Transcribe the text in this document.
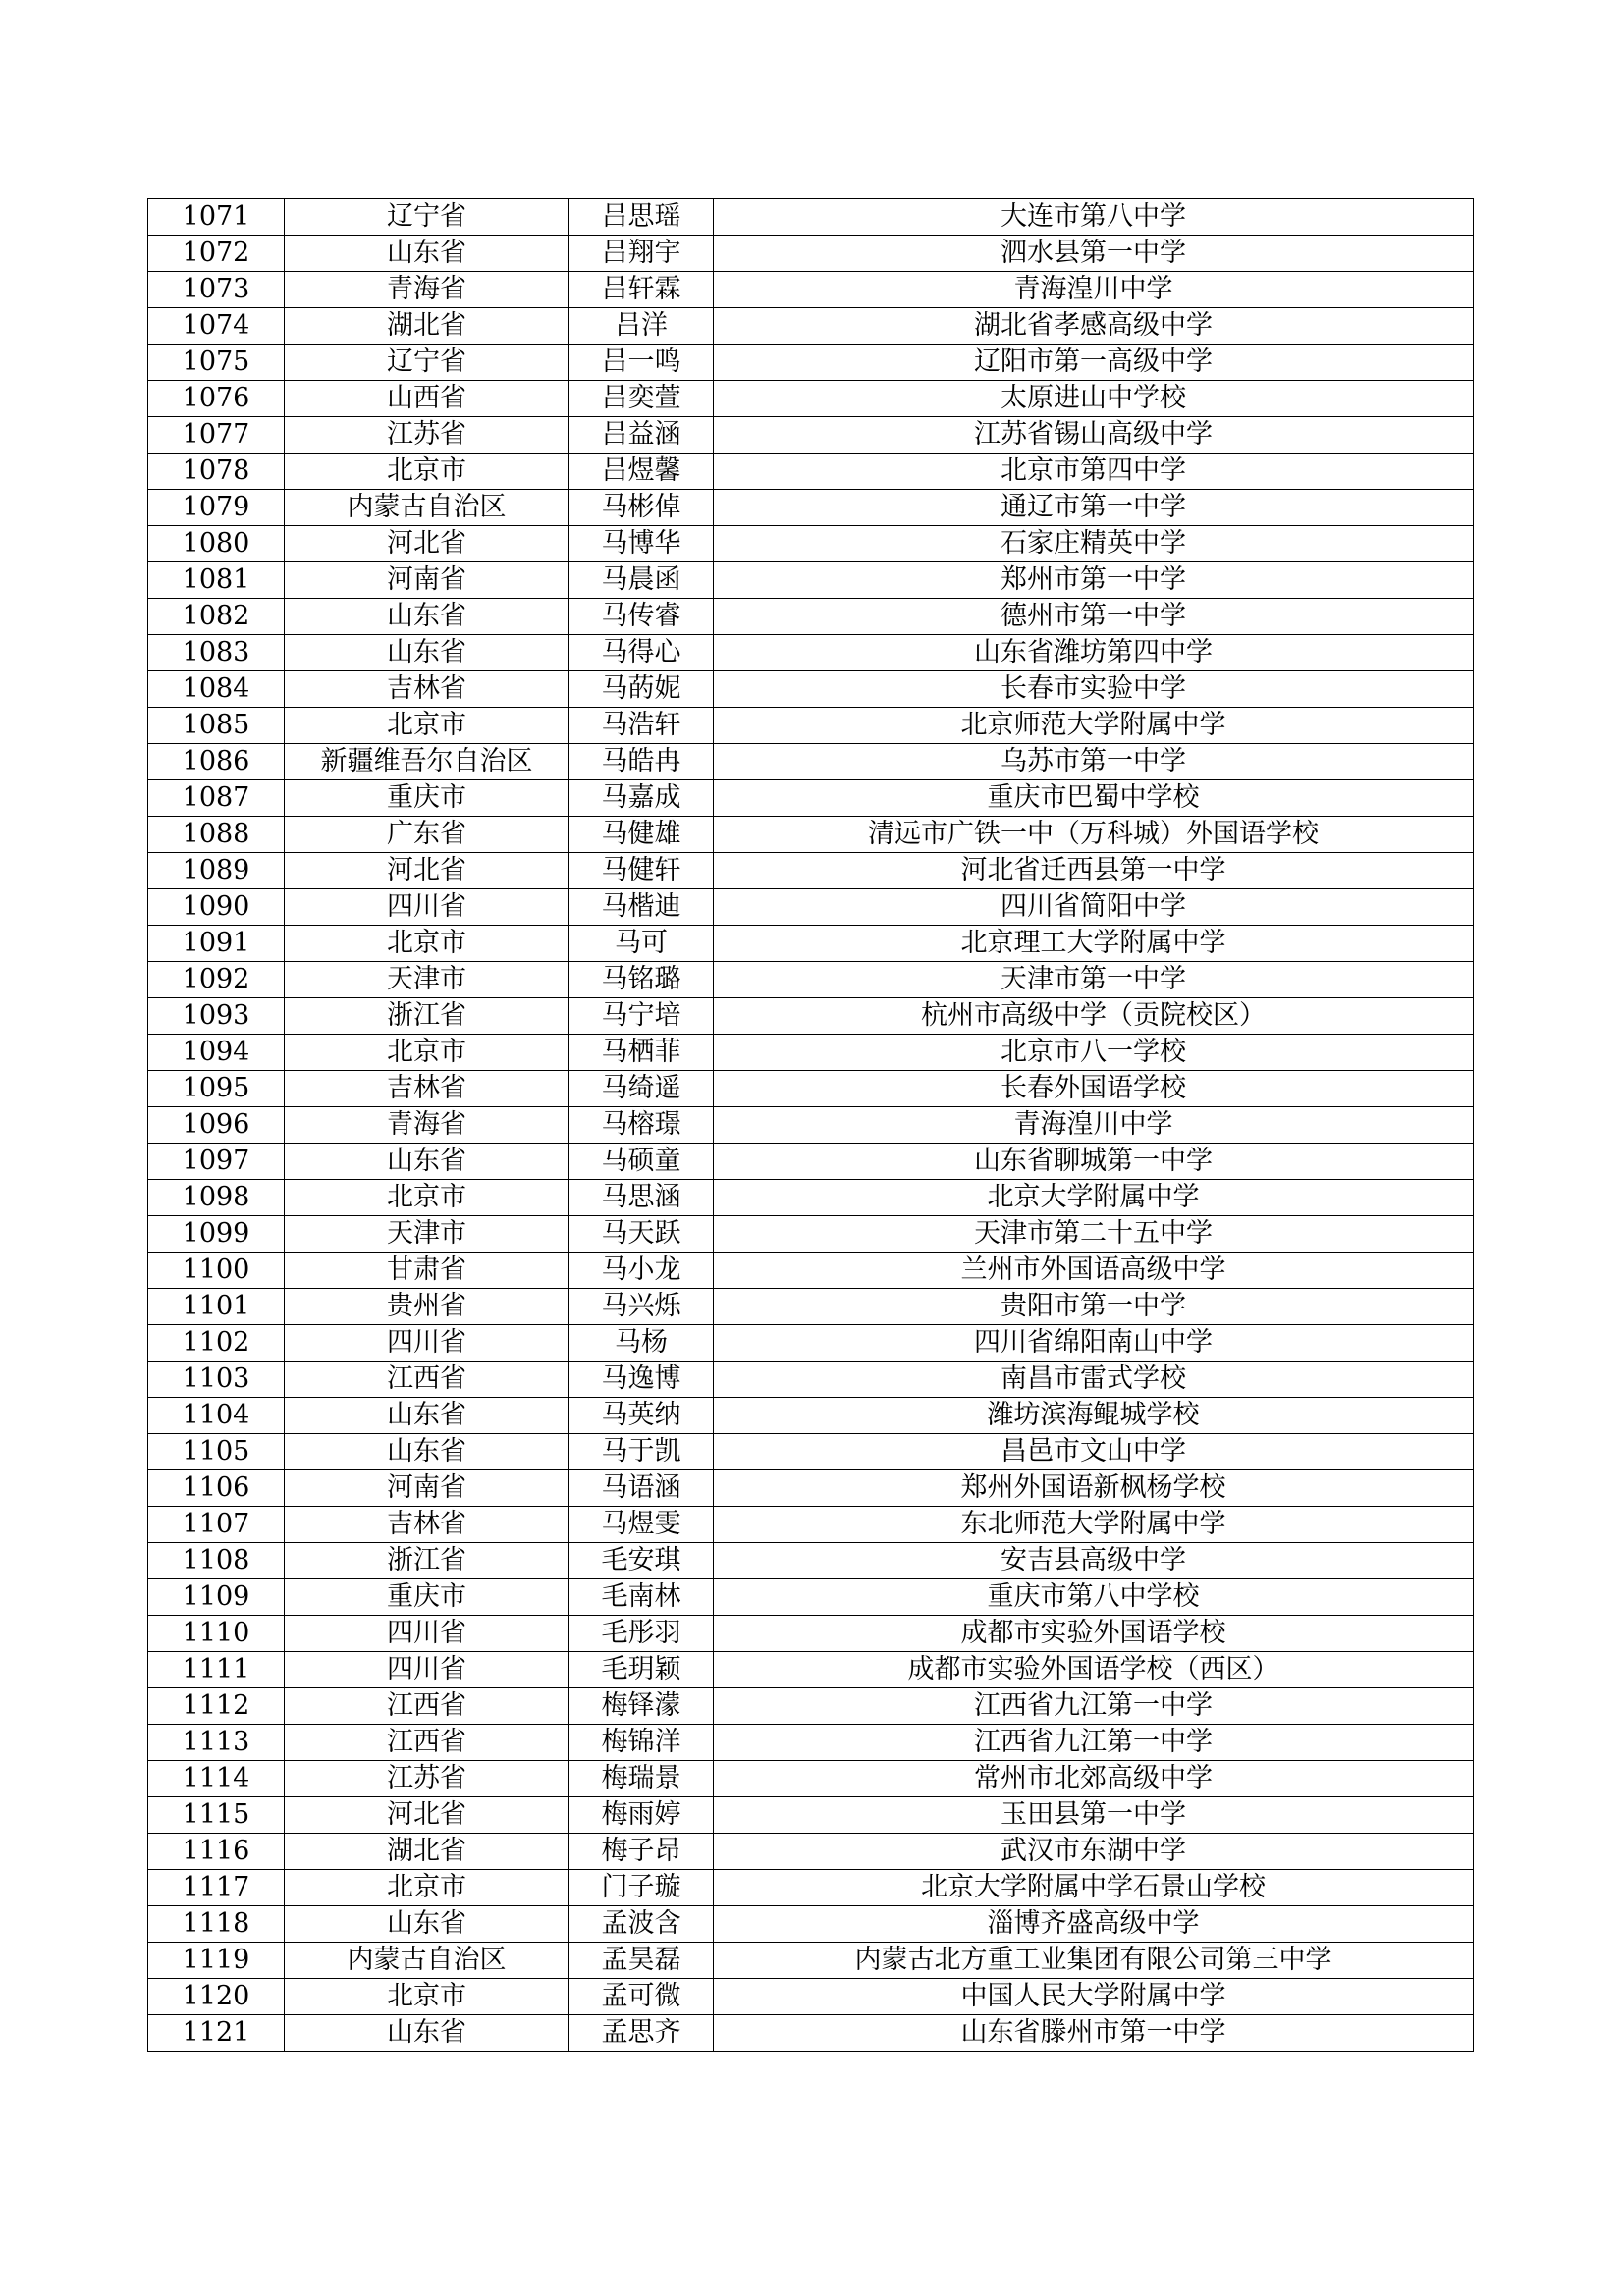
1071	辽宁省	吕思瑶	大连市第八中学
1072	山东省	吕翔宇	泗水县第一中学
1073	青海省	吕轩霖	青海湟川中学
1074	湖北省	吕洋	湖北省孝感高级中学
1075	辽宁省	吕一鸣	辽阳市第一高级中学
1076	山西省	吕奕萱	太原进山中学校
1077	江苏省	吕益涵	江苏省锡山高级中学
1078	北京市	吕煜馨	北京市第四中学
1079	内蒙古自治区	马彬倬	通辽市第一中学
1080	河北省	马博华	石家庄精英中学
1081	河南省	马晨函	郑州市第一中学
1082	山东省	马传睿	德州市第一中学
1083	山东省	马得心	山东省潍坊第四中学
1084	吉林省	马菂妮	长春市实验中学
1085	北京市	马浩轩	北京师范大学附属中学
1086	新疆维吾尔自治区	马皓冉	乌苏市第一中学
1087	重庆市	马嘉成	重庆市巴蜀中学校
1088	广东省	马健雄	清远市广铁一中（万科城）外国语学校
1089	河北省	马健轩	河北省迁西县第一中学
1090	四川省	马楷迪	四川省简阳中学
1091	北京市	马可	北京理工大学附属中学
1092	天津市	马铭璐	天津市第一中学
1093	浙江省	马宁培	杭州市高级中学（贡院校区）
1094	北京市	马栖菲	北京市八一学校
1095	吉林省	马绮遥	长春外国语学校
1096	青海省	马榕璟	青海湟川中学
1097	山东省	马硕童	山东省聊城第一中学
1098	北京市	马思涵	北京大学附属中学
1099	天津市	马天跃	天津市第二十五中学
1100	甘肃省	马小龙	兰州市外国语高级中学
1101	贵州省	马兴烁	贵阳市第一中学
1102	四川省	马杨	四川省绵阳南山中学
1103	江西省	马逸博	南昌市雷式学校
1104	山东省	马英纳	潍坊滨海鲲城学校
1105	山东省	马于凯	昌邑市文山中学
1106	河南省	马语涵	郑州外国语新枫杨学校
1107	吉林省	马煜雯	东北师范大学附属中学
1108	浙江省	毛安琪	安吉县高级中学
1109	重庆市	毛南林	重庆市第八中学校
1110	四川省	毛彤羽	成都市实验外国语学校
1111	四川省	毛玥颖	成都市实验外国语学校（西区）
1112	江西省	梅铎濛	江西省九江第一中学
1113	江西省	梅锦洋	江西省九江第一中学
1114	江苏省	梅瑞景	常州市北郊高级中学
1115	河北省	梅雨婷	玉田县第一中学
1116	湖北省	梅子昂	武汉市东湖中学
1117	北京市	门子璇	北京大学附属中学石景山学校
1118	山东省	孟波含	淄博齐盛高级中学
1119	内蒙古自治区	孟昊磊	内蒙古北方重工业集团有限公司第三中学
1120	北京市	孟可微	中国人民大学附属中学
1121	山东省	孟思齐	山东省滕州市第一中学
